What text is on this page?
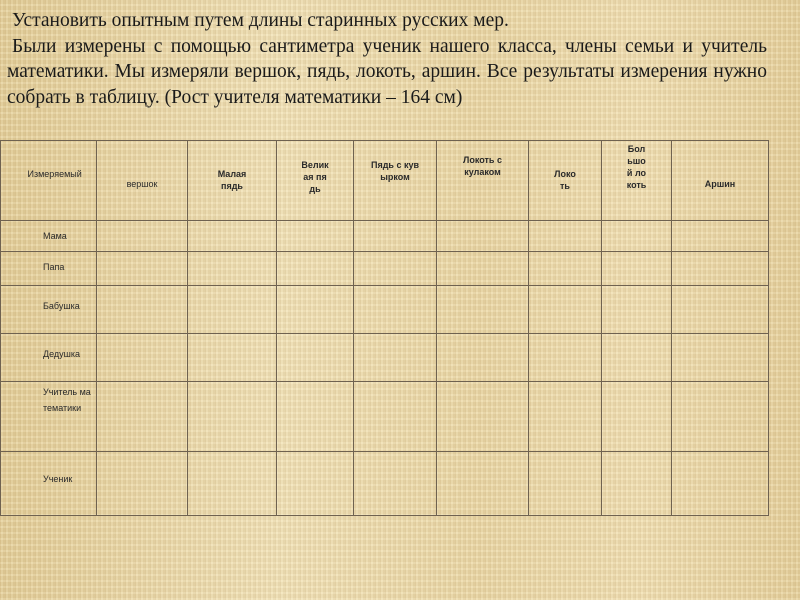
Установить опытным путем длины старинных русских мер.

Были измерены с помощью сантиметра ученик нашего класса, члены семьи и учитель математики. Мы измеряли вершок, пядь, локоть, аршин. Все результаты измерения нужно собрать в таблицу. (Рост учителя математики – 164 см)

Измеряемый	вершок	Малая пядь	Великая пядь	Пядь с кувырком	Локоть с кулаком	Локоть	Большой локоть	Аршин

Мама								

Папа								

Бабушка								

Дедушка								

Учитель математики								

Ученик								
